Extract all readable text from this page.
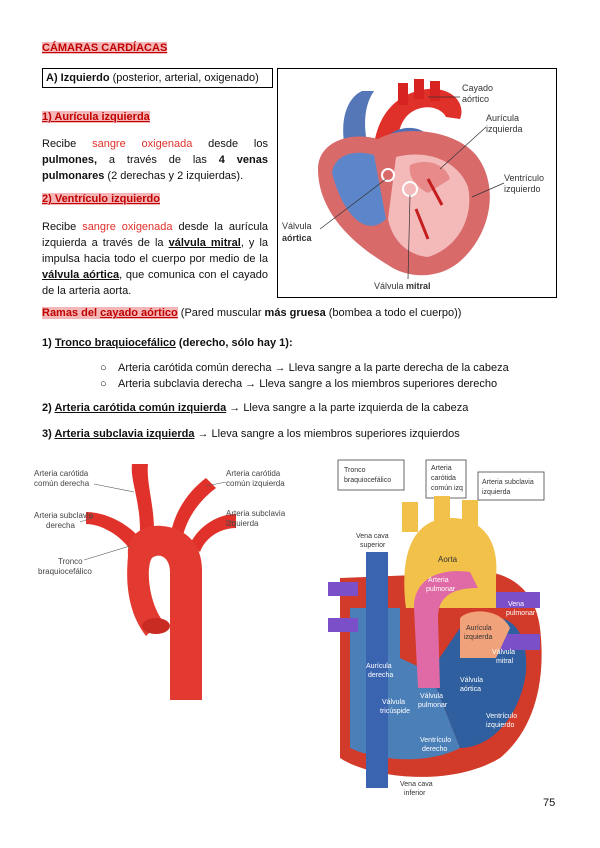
CÁMARAS CARDÍACAS
A) Izquierdo (posterior, arterial, oxigenado)
1) Aurícula izquierda
Recibe sangre oxigenada desde los pulmones, a través de las 4 venas pulmonares (2 derechas y 2 izquierdas).
2) Ventrículo izquierdo
Recibe sangre oxigenada desde la aurícula izquierda a través de la válvula mitral, y la impulsa hacia todo el cuerpo por medio de la válvula aórtica, que comunica con el cayado de la arteria aorta.
Cayado
aórtico
Aurícula
izquierda
Ventrículo
izquierdo
Válvula
aórtica
Válvula mitral
Ramas del cayado aórtico (Pared muscular más gruesa (bombea a todo el cuerpo))
1) Tronco braquiocefálico (derecho, sólo hay 1):
○ Arteria carótida común derecha → Lleva sangre a la parte derecha de la cabeza
○ Arteria subclavia derecha → Lleva sangre a los miembros superiores derecho
2) Arteria carótida común izquierda → Lleva sangre a la parte izquierda de la cabeza
3) Arteria subclavia izquierda → Lleva sangre a los miembros superiores izquierdos
Arteria carótida
común derecha
Arteria carótida
común izquierda
Arteria subclavia
derecha
Arteria subclavia
izquierda
Tronco
braquiocefálico
Tronco
braquiocefálico
Arteria
carótida
común izq
Arteria subclavia
izquierda
Vena cava
superior
Aorta
Arteria
pulmonar
Vena
pulmonar
Aurícula
izquierda
Válvula
mitral
Aurícula
derecha
Válvula
pulmonar
Válvula
aórtica
Válvula
tricúspide
Ventrículo
izquierdo
Ventrículo
derecho
Vena cava
inferior
75
